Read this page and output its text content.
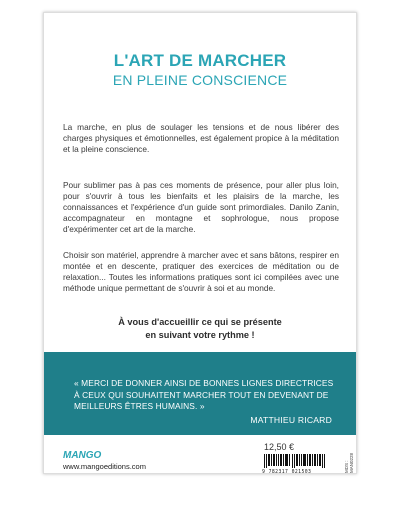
L'ART DE MARCHER
EN PLEINE CONSCIENCE

La marche, en plus de soulager les tensions et de nous libérer des charges physiques et émotionnelles, est également propice à la méditation et la pleine conscience.

Pour sublimer pas à pas ces moments de présence, pour aller plus loin, pour s'ouvrir à tous les bienfaits et les plaisirs de la marche, les connaissances et l'expérience d'un guide sont primordiales. Danilo Zanin, accompagnateur en montagne et sophrologue, nous propose d'expérimenter cet art de la marche.

Choisir son matériel, apprendre à marcher avec et sans bâtons, respirer en montée et en descente, pratiquer des exercices de méditation ou de relaxation... Toutes les informations pratiques sont ici compilées avec une méthode unique permettant de s'ouvrir à soi et au monde.

À vous d'accueillir ce qui se présente
en suivant votre rythme !
« MERCI DE DONNER AINSI DE BONNES LIGNES DIRECTRICES À CEUX QUI SOUHAITENT MARCHER TOUT EN DEVENANT DE MEILLEURS ÊTRES HUMAINS. »
MATTHIEU RICARD
12,50 €
MANGO
www.mangoeditions.com
9 782317 021503	MDS : MAN0228
